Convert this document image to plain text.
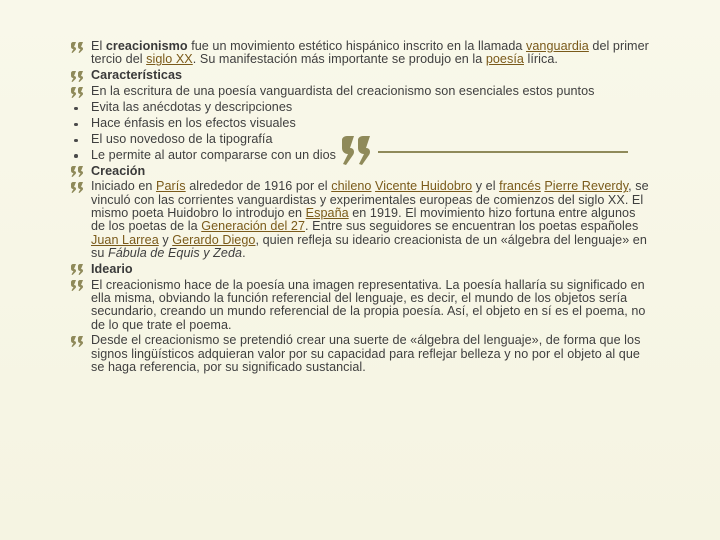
El creacionismo fue un movimiento estético hispánico inscrito en la llamada vanguardia del primer tercio del siglo XX. Su manifestación más importante se produjo en la poesía lírica.
Características
En la escritura de una poesía vanguardista del creacionismo son esenciales estos puntos
Evita las anécdotas y descripciones
Hace énfasis en los efectos visuales
El uso novedoso de la tipografía
Le permite al autor compararse con un dios
Creación
Iniciado en París alrededor de 1916 por el chileno Vicente Huidobro y el francés Pierre Reverdy, se vinculó con las corrientes vanguardistas y experimentales europeas de comienzos del siglo XX. El mismo poeta Huidobro lo introdujo en España en 1919. El movimiento hizo fortuna entre algunos de los poetas de la Generación del 27. Entre sus seguidores se encuentran los poetas españoles Juan Larrea y Gerardo Diego, quien refleja su ideario creacionista de un «álgebra del lenguaje» en su Fábula de Equis y Zeda.
Ideario
El creacionismo hace de la poesía una imagen representativa. La poesía hallaría su significado en ella misma, obviando la función referencial del lenguaje, es decir, el mundo de los objetos sería secundario, creando un mundo referencial de la propia poesía. Así, el objeto en sí es el poema, no de lo que trate el poema.
Desde el creacionismo se pretendió crear una suerte de «álgebra del lenguaje», de forma que los signos lingüísticos adquieran valor por su capacidad para reflejar belleza y no por el objeto al que se haga referencia, por su significado sustancial.
